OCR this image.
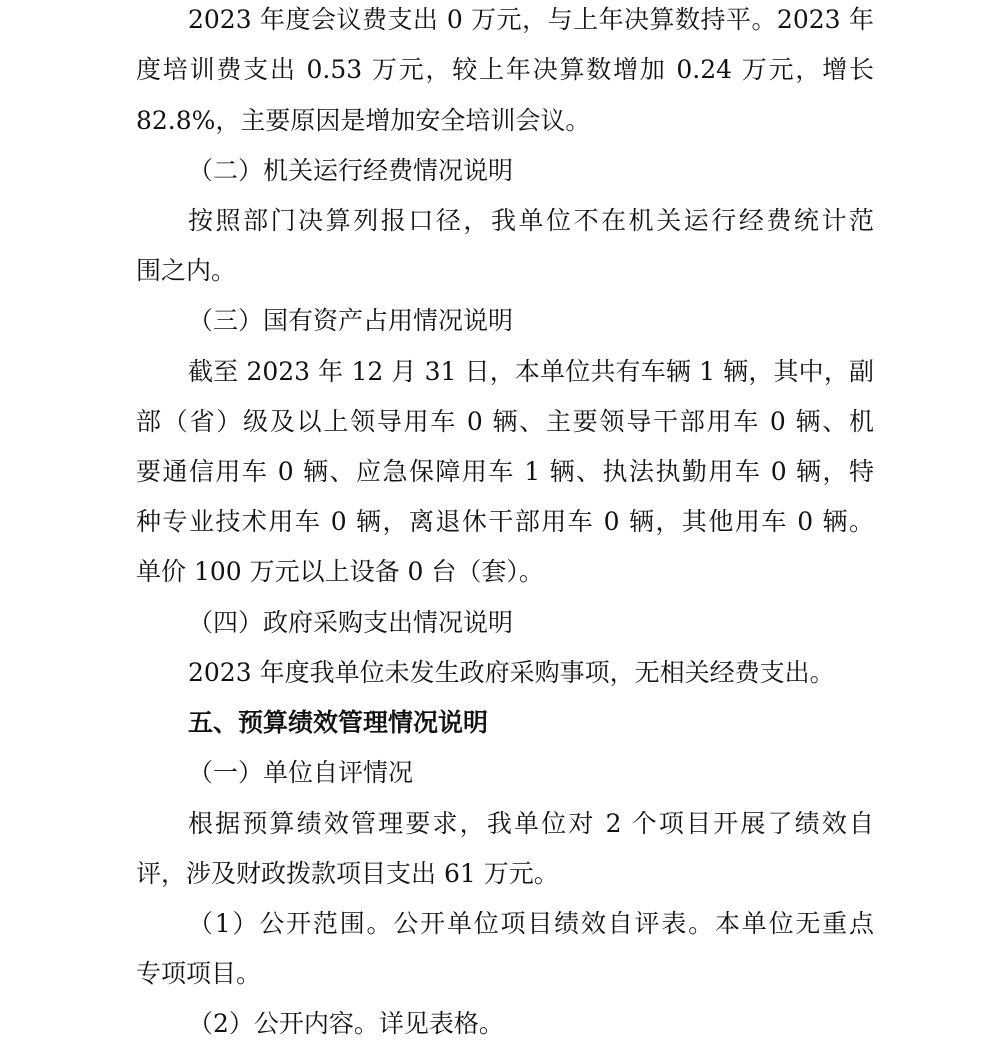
2023 年度会议费支出 0 万元，与上年决算数持平。2023 年

度培训费支出 0.53 万元，较上年决算数增加 0.24 万元，增长

82.8%，主要原因是增加安全培训会议。

（二）机关运行经费情况说明

按照部门决算列报口径，我单位不在机关运行经费统计范

围之内。

（三）国有资产占用情况说明

截至 2023 年 12 月 31 日，本单位共有车辆 1 辆，其中，副

部（省）级及以上领导用车 0 辆、主要领导干部用车 0 辆、机

要通信用车 0 辆、应急保障用车 1 辆、执法执勤用车 0 辆，特

种专业技术用车 0 辆，离退休干部用车 0 辆，其他用车 0 辆。

单价 100 万元以上设备 0 台（套）。

（四）政府采购支出情况说明

2023 年度我单位未发生政府采购事项，无相关经费支出。

五、预算绩效管理情况说明

（一）单位自评情况

根据预算绩效管理要求，我单位对 2 个项目开展了绩效自

评，涉及财政拨款项目支出 61 万元。

（1）公开范围。公开单位项目绩效自评表。本单位无重点

专项项目。

（2）公开内容。详见表格。
